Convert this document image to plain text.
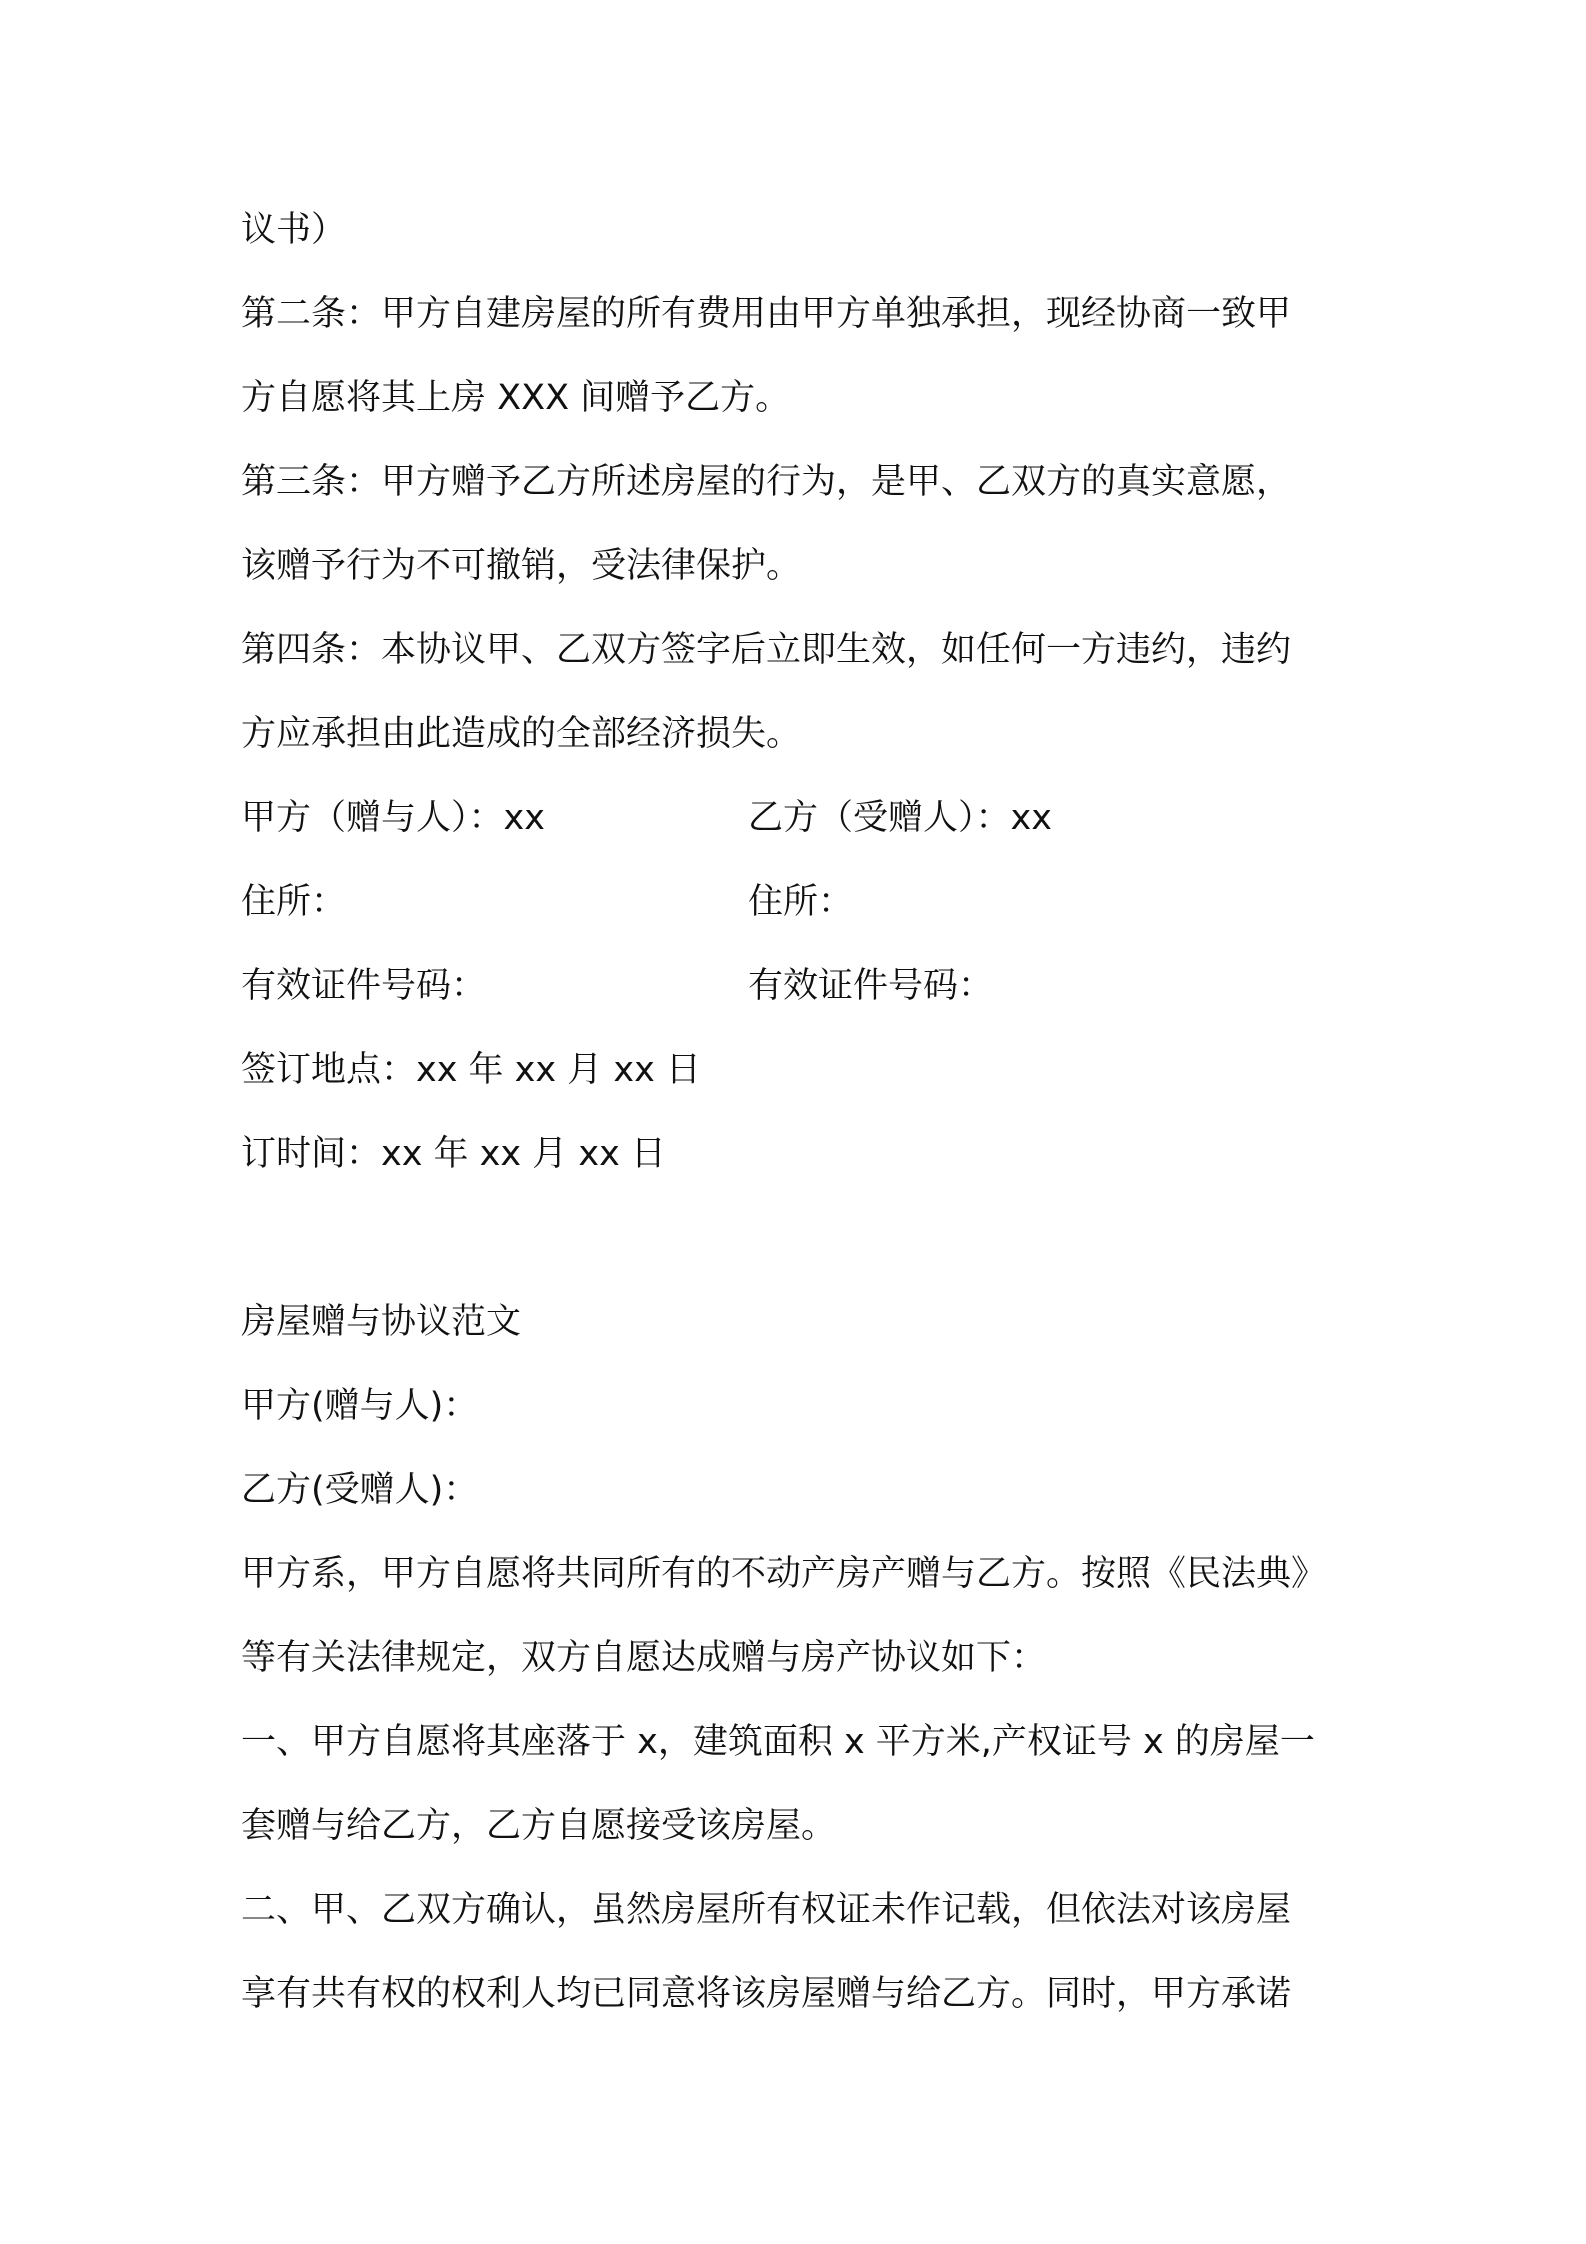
议书）
第二条：甲方自建房屋的所有费用由甲方单独承担，现经协商一致甲
方自愿将其上房 XXX 间赠予乙方。
第三条：甲方赠予乙方所述房屋的行为，是甲、乙双方的真实意愿，
该赠予行为不可撤销，受法律保护。
第四条：本协议甲、乙双方签字后立即生效，如任何一方违约，违约
方应承担由此造成的全部经济损失。
甲方（赠与人）：xx	乙方（受赠人）：xx
住所：	住所：
有效证件号码：	有效证件号码：
签订地点：xx 年 xx 月 xx 日
订时间：xx 年 xx 月 xx 日
房屋赠与协议范文
甲方(赠与人)：
乙方(受赠人)：
甲方系，甲方自愿将共同所有的不动产房产赠与乙方。按照《民法典》
等有关法律规定，双方自愿达成赠与房产协议如下：
一、甲方自愿将其座落于 x，建筑面积 x 平方米,产权证号 x 的房屋一
套赠与给乙方，乙方自愿接受该房屋。
二、甲、乙双方确认，虽然房屋所有权证未作记载，但依法对该房屋
享有共有权的权利人均已同意将该房屋赠与给乙方。同时，甲方承诺
